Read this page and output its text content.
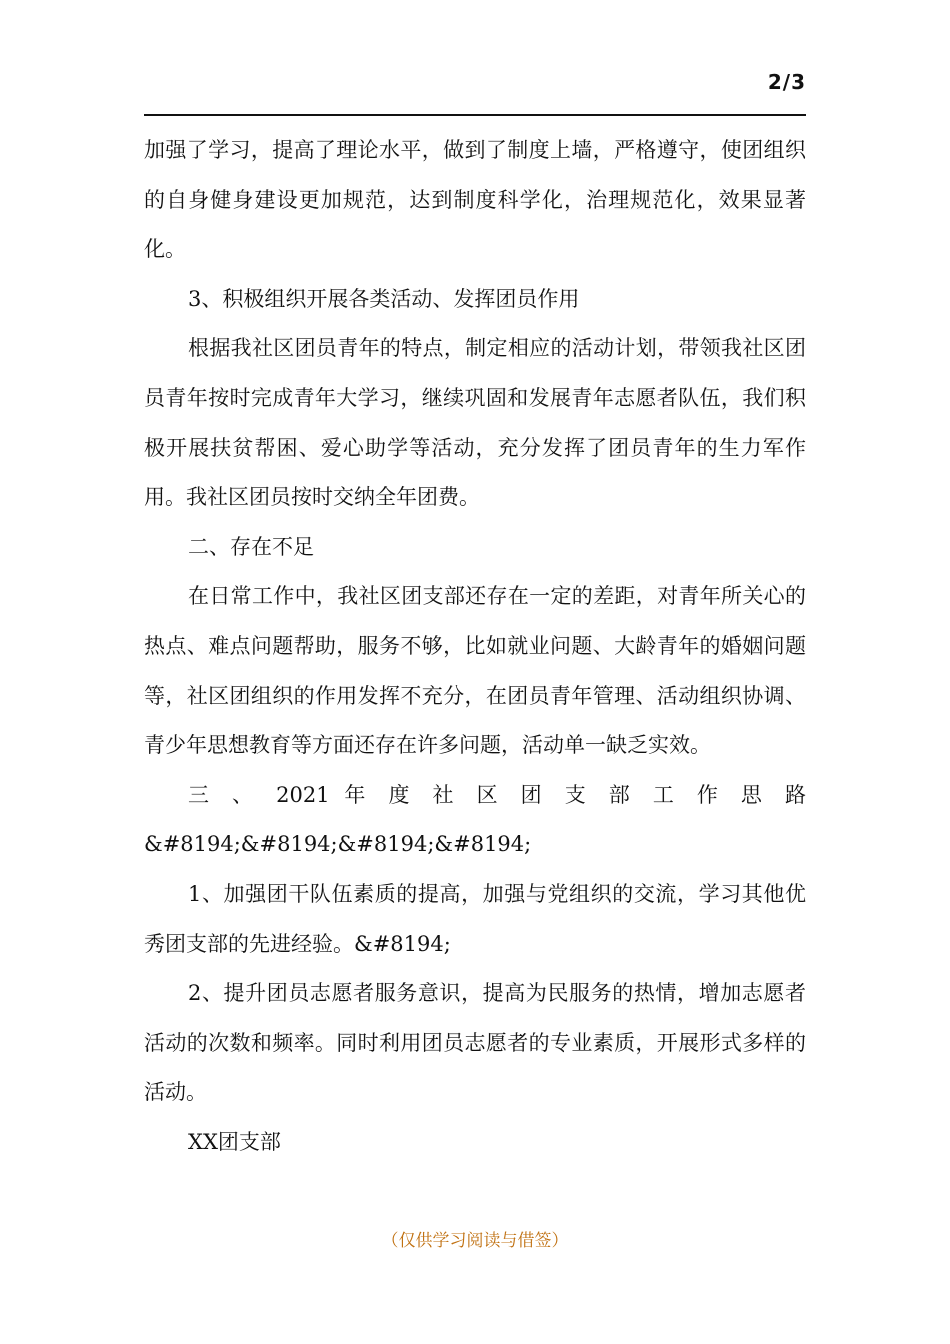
2/3

加强了学习，提高了理论水平，做到了制度上墙，严格遵守，使团组织的自身健身建设更加规范，达到制度科学化，治理规范化，效果显著化。

3、积极组织开展各类活动、发挥团员作用

根据我社区团员青年的特点，制定相应的活动计划，带领我社区团员青年按时完成青年大学习，继续巩固和发展青年志愿者队伍，我们积极开展扶贫帮困、爱心助学等活动，充分发挥了团员青年的生力军作用。我社区团员按时交纳全年团费。

二、存在不足

在日常工作中，我社区团支部还存在一定的差距，对青年所关心的热点、难点问题帮助，服务不够，比如就业问题、大龄青年的婚姻问题等，社区团组织的作用发挥不充分，在团员青年管理、活动组织协调、青少年思想教育等方面还存在许多问题，活动单一缺乏实效。

三 、 2021 年 度 社 区 团 支 部 工 作 思 路

&#8194;&#8194;&#8194;&#8194;

1、加强团干队伍素质的提高，加强与党组织的交流，学习其他优秀团支部的先进经验。&#8194;

2、提升团员志愿者服务意识，提高为民服务的热情，增加志愿者活动的次数和频率。同时利用团员志愿者的专业素质，开展形式多样的活动。

XX团支部

（仅供学习阅读与借签）
